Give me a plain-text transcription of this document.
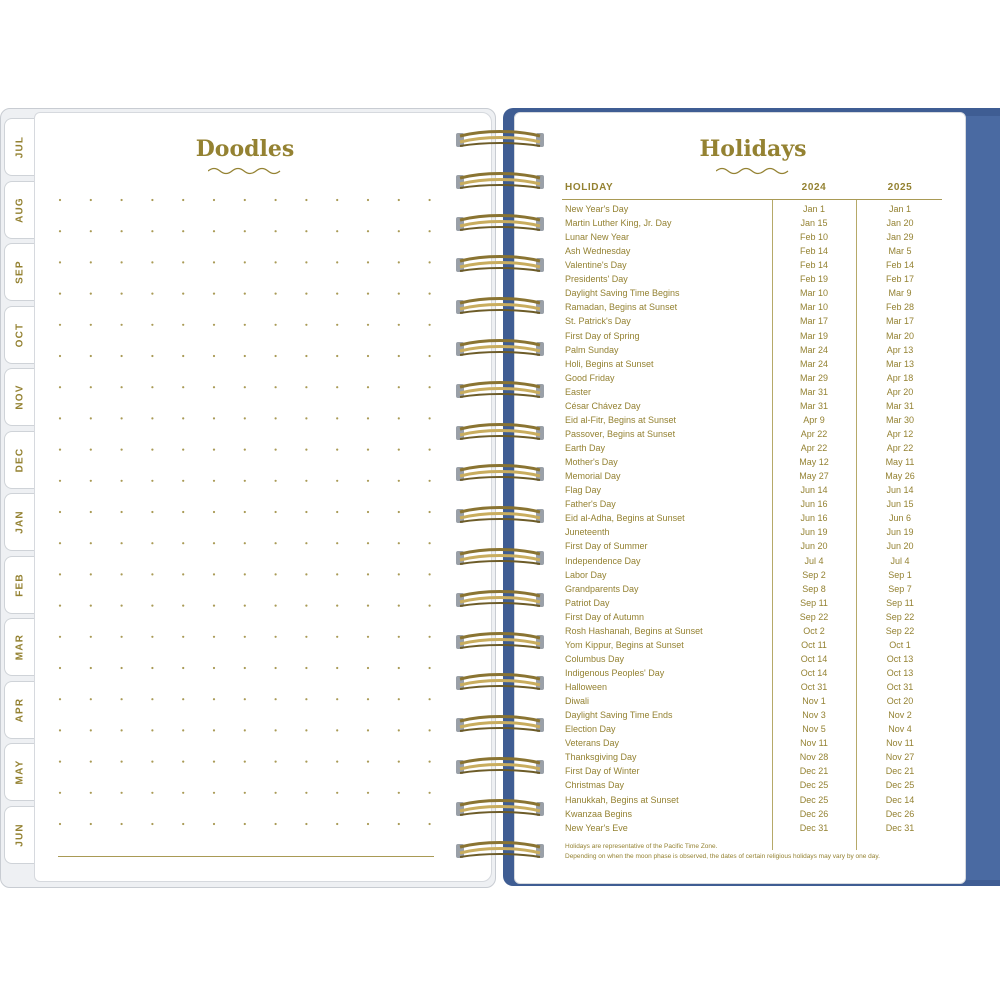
JUL
AUG
SEP
OCT
NOV
DEC
JAN
FEB
MAR
APR
MAY
JUN
Doodles	Holidays
HOLIDAY	2024	2025
New Year's Day	Jan 1	Jan 1
Martin Luther King, Jr. Day	Jan 15	Jan 20
Lunar New Year	Feb 10	Jan 29
Ash Wednesday	Feb 14	Mar 5
Valentine's Day	Feb 14	Feb 14
Presidents' Day	Feb 19	Feb 17
Daylight Saving Time Begins	Mar 10	Mar 9
Ramadan, Begins at Sunset	Mar 10	Feb 28
St. Patrick's Day	Mar 17	Mar 17
First Day of Spring	Mar 19	Mar 20
Palm Sunday	Mar 24	Apr 13
Holi, Begins at Sunset	Mar 24	Mar 13
Good Friday	Mar 29	Apr 18
Easter	Mar 31	Apr 20
César Chávez Day	Mar 31	Mar 31
Eid al-Fitr, Begins at Sunset	Apr 9	Mar 30
Passover, Begins at Sunset	Apr 22	Apr 12
Earth Day	Apr 22	Apr 22
Mother's Day	May 12	May 11
Memorial Day	May 27	May 26
Flag Day	Jun 14	Jun 14
Father's Day	Jun 16	Jun 15
Eid al-Adha, Begins at Sunset	Jun 16	Jun 6
Juneteenth	Jun 19	Jun 19
First Day of Summer	Jun 20	Jun 20
Independence Day	Jul 4	Jul 4
Labor Day	Sep 2	Sep 1
Grandparents Day	Sep 8	Sep 7
Patriot Day	Sep 11	Sep 11
First Day of Autumn	Sep 22	Sep 22
Rosh Hashanah, Begins at Sunset	Oct 2	Sep 22
Yom Kippur, Begins at Sunset	Oct 11	Oct 1
Columbus Day	Oct 14	Oct 13
Indigenous Peoples' Day	Oct 14	Oct 13
Halloween	Oct 31	Oct 31
Diwali	Nov 1	Oct 20
Daylight Saving Time Ends	Nov 3	Nov 2
Election Day	Nov 5	Nov 4
Veterans Day	Nov 11	Nov 11
Thanksgiving Day	Nov 28	Nov 27
First Day of Winter	Dec 21	Dec 21
Christmas Day	Dec 25	Dec 25
Hanukkah, Begins at Sunset	Dec 25	Dec 14
Kwanzaa Begins	Dec 26	Dec 26
New Year's Eve	Dec 31	Dec 31
Holidays are representative of the Pacific Time Zone.
Depending on when the moon phase is observed, the dates of certain religious holidays may vary by one day.
